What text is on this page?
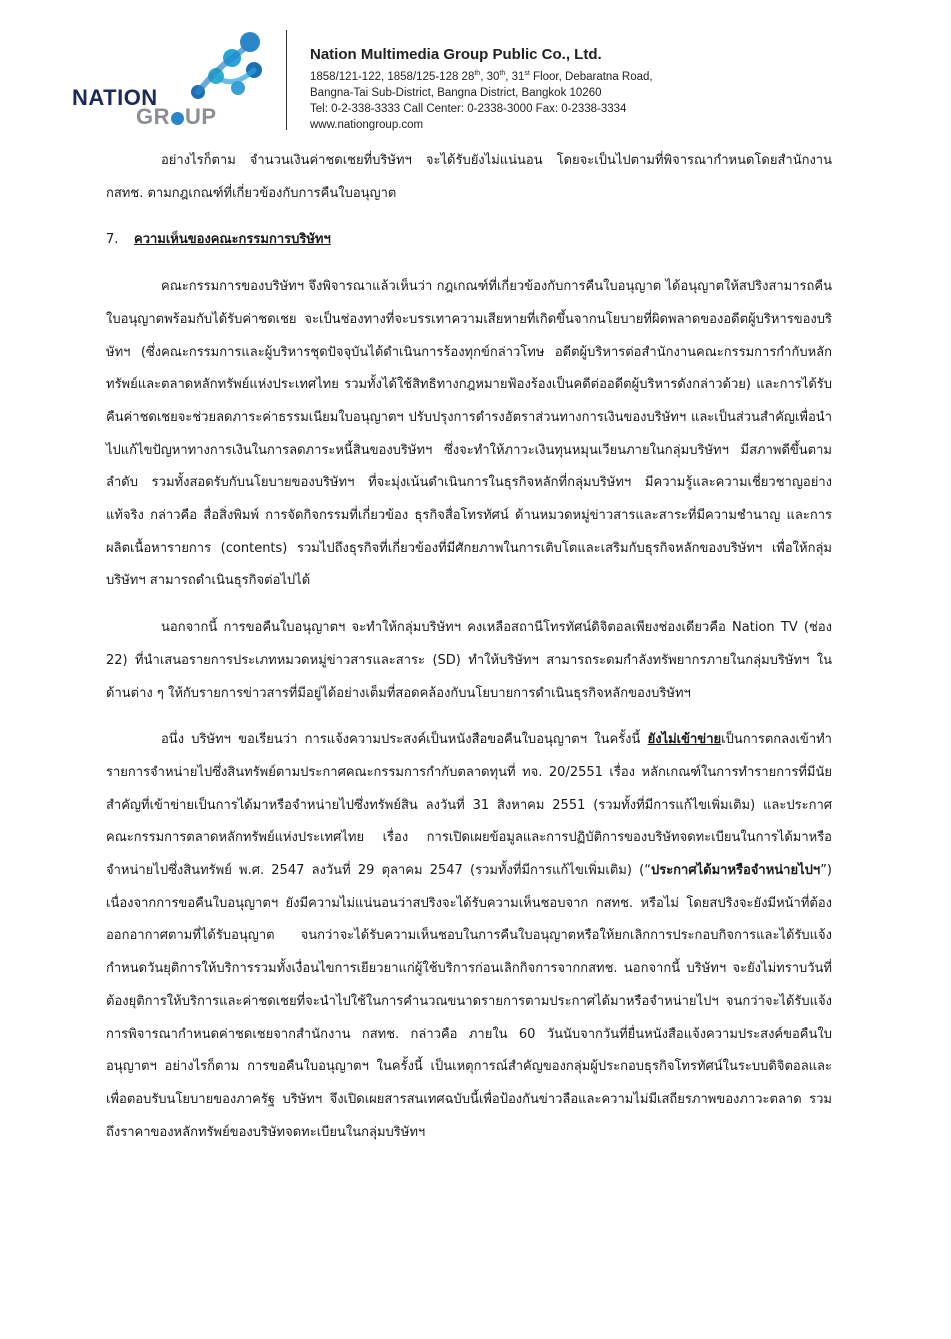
NATION
GR UP

Nation Multimedia Group Public Co., Ltd.

1858/121-122, 1858/125-128 28th, 30th, 31st Floor, Debaratna Road,

Bangna-Tai Sub-District, Bangna District, Bangkok 10260

Tel: 0-2-338-3333 Call Center: 0-2338-3000 Fax: 0-2338-3334

www.nationgroup.com

อย่างไรก็ตาม จำนวนเงินค่าชดเชยที่บริษัทฯ จะได้รับยังไม่แน่นอน โดยจะเป็นไปตามที่พิจารณากำหนดโดยสำนักงาน กสทช. ตามกฎเกณฑ์ที่เกี่ยวข้องกับการคืนใบอนุญาต

7. ความเห็นของคณะกรรมการบริษัทฯ

คณะกรรมการของบริษัทฯ จึงพิจารณาแล้วเห็นว่า กฎเกณฑ์ที่เกี่ยวข้องกับการคืนใบอนุญาต ได้อนุญาตให้สปริงสามารถคืนใบอนุญาตพร้อมกับได้รับค่าชดเชย จะเป็นช่องทางที่จะบรรเทาความเสียหายที่เกิดขึ้นจากนโยบายที่ผิดพลาดของอดีตผู้บริหารของบริษัทฯ (ซึ่งคณะกรรมการและผู้บริหารชุดปัจจุบันได้ดำเนินการร้องทุกข์กล่าวโทษ อดีตผู้บริหารต่อสำนักงานคณะกรรมการกำกับหลักทรัพย์และตลาดหลักทรัพย์แห่งประเทศไทย รวมทั้งได้ใช้สิทธิทางกฎหมายฟ้องร้องเป็นคดีต่ออดีตผู้บริหารดังกล่าวด้วย) และการได้รับคืนค่าชดเชยจะช่วยลดภาระค่าธรรมเนียมใบอนุญาตฯ ปรับปรุงการดำรงอัตราส่วนทางการเงินของบริษัทฯ และเป็นส่วนสำคัญเพื่อนำไปแก้ไขปัญหาทางการเงินในการลดภาระหนี้สินของบริษัทฯ ซึ่งจะทำให้ภาวะเงินทุนหมุนเวียนภายในกลุ่มบริษัทฯ มีสภาพดีขึ้นตามลำดับ รวมทั้งสอดรับกับนโยบายของบริษัทฯ ที่จะมุ่งเน้นดำเนินการในธุรกิจหลักที่กลุ่มบริษัทฯ มีความรู้และความเชี่ยวชาญอย่างแท้จริง กล่าวคือ สื่อสิ่งพิมพ์ การจัดกิจกรรมที่เกี่ยวข้อง ธุรกิจสื่อโทรทัศน์ ด้านหมวดหมู่ข่าวสารและสาระที่มีความชำนาญ และการผลิตเนื้อหารายการ (contents) รวมไปถึงธุรกิจที่เกี่ยวข้องที่มีศักยภาพในการเติบโตและเสริมกับธุรกิจหลักของบริษัทฯ เพื่อให้กลุ่มบริษัทฯ สามารถดำเนินธุรกิจต่อไปได้

นอกจากนี้ การขอคืนใบอนุญาตฯ จะทำให้กลุ่มบริษัทฯ คงเหลือสถานีโทรทัศน์ดิจิตอลเพียงช่องเดียวคือ Nation TV (ช่อง 22) ที่นำเสนอรายการประเภทหมวดหมู่ข่าวสารและสาระ (SD) ทำให้บริษัทฯ สามารถระดมกำลังทรัพยากรภายในกลุ่มบริษัทฯ ในด้านต่าง ๆ ให้กับรายการข่าวสารที่มีอยู่ได้อย่างเต็มที่สอดคล้องกับนโยบายการดำเนินธุรกิจหลักของบริษัทฯ

อนึ่ง บริษัทฯ ขอเรียนว่า การแจ้งความประสงค์เป็นหนังสือขอคืนใบอนุญาตฯ ในครั้งนี้ ยังไม่เข้าข่ายเป็นการตกลงเข้าทำรายการจำหน่ายไปซึ่งสินทรัพย์ตามประกาศคณะกรรมการกำกับตลาดทุนที่ ทจ. 20/2551 เรื่อง หลักเกณฑ์ในการทำรายการที่มีนัยสำคัญที่เข้าข่ายเป็นการได้มาหรือจำหน่ายไปซึ่งทรัพย์สิน ลงวันที่ 31 สิงหาคม 2551 (รวมทั้งที่มีการแก้ไขเพิ่มเติม) และประกาศคณะกรรมการตลาดหลักทรัพย์แห่งประเทศไทย เรื่อง การเปิดเผยข้อมูลและการปฏิบัติการของบริษัทจดทะเบียนในการได้มาหรือจำหน่ายไปซึ่งสินทรัพย์ พ.ศ. 2547 ลงวันที่ 29 ตุลาคม 2547 (รวมทั้งที่มีการแก้ไขเพิ่มเติม) (“ประกาศได้มาหรือจำหน่ายไปฯ”) เนื่องจากการขอคืนใบอนุญาตฯ ยังมีความไม่แน่นอนว่าสปริงจะได้รับความเห็นชอบจาก กสทช. หรือไม่ โดยสปริงจะยังมีหน้าที่ต้องออกอากาศตามที่ได้รับอนุญาต จนกว่าจะได้รับความเห็นชอบในการคืนใบอนุญาตหรือให้ยกเลิกการประกอบกิจการและได้รับแจ้งกำหนดวันยุติการให้บริการรวมทั้งเงื่อนไขการเยียวยาแก่ผู้ใช้บริการก่อนเลิกกิจการจากกสทช. นอกจากนี้ บริษัทฯ จะยังไม่ทราบวันที่ต้องยุติการให้บริการและค่าชดเชยที่จะนำไปใช้ในการคำนวณขนาดรายการตามประกาศได้มาหรือจำหน่ายไปฯ จนกว่าจะได้รับแจ้งการพิจารณากำหนดค่าชดเชยจากสำนักงาน กสทช. กล่าวคือ ภายใน 60 วันนับจากวันที่ยื่นหนังสือแจ้งความประสงค์ขอคืนใบอนุญาตฯ อย่างไรก็ตาม การขอคืนใบอนุญาตฯ ในครั้งนี้ เป็นเหตุการณ์สำคัญของกลุ่มผู้ประกอบธุรกิจโทรทัศน์ในระบบดิจิตอลและเพื่อตอบรับนโยบายของภาครัฐ บริษัทฯ จึงเปิดเผยสารสนเทศฉบับนี้เพื่อป้องกันข่าวลือและความไม่มีเสถียรภาพของภาวะตลาด รวมถึงราคาของหลักทรัพย์ของบริษัทจดทะเบียนในกลุ่มบริษัทฯ
